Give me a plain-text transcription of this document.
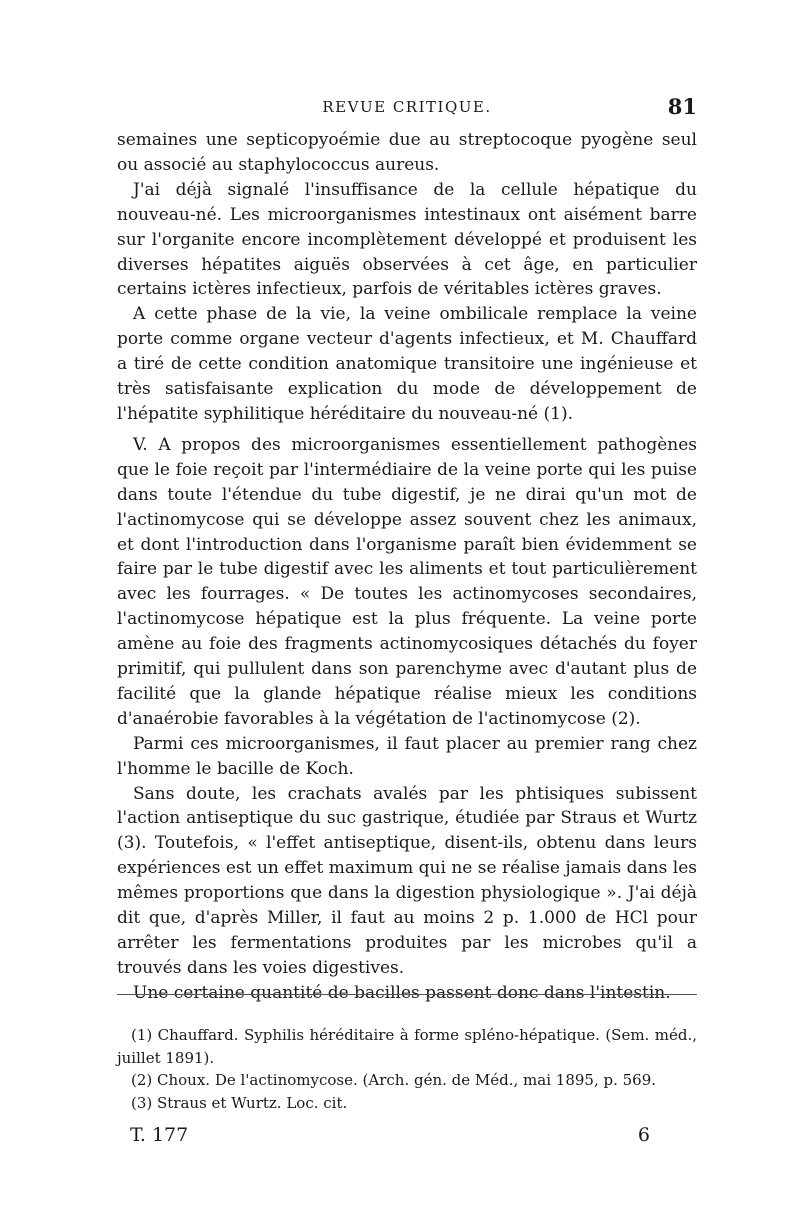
REVUE CRITIQUE.	81

semaines une septicopyoémie due au streptocoque pyogène seul ou associé au staphylococcus aureus.

J'ai déjà signalé l'insuffisance de la cellule hépatique du nouveau-né. Les microorganismes intestinaux ont aisément barre sur l'organite encore incomplètement développé et produisent les diverses hépatites aiguës observées à cet âge, en particulier certains ictères infectieux, parfois de véritables ictères graves.

A cette phase de la vie, la veine ombilicale remplace la veine porte comme organe vecteur d'agents infectieux, et M. Chauffard a tiré de cette condition anatomique transitoire une ingénieuse et très satisfaisante explication du mode de développement de l'hépatite syphilitique héréditaire du nouveau-né (1).

V. A propos des microorganismes essentiellement pathogènes que le foie reçoit par l'intermédiaire de la veine porte qui les puise dans toute l'étendue du tube digestif, je ne dirai qu'un mot de l'actinomycose qui se développe assez souvent chez les animaux, et dont l'introduction dans l'organisme paraît bien évidemment se faire par le tube digestif avec les aliments et tout particulièrement avec les fourrages. « De toutes les actinomycoses secondaires, l'actinomycose hépatique est la plus fréquente. La veine porte amène au foie des fragments actinomycosiques détachés du foyer primitif, qui pullulent dans son parenchyme avec d'autant plus de facilité que la glande hépatique réalise mieux les conditions d'anaérobie favorables à la végétation de l'actinomycose (2).

Parmi ces microorganismes, il faut placer au premier rang chez l'homme le bacille de Koch.

Sans doute, les crachats avalés par les phtisiques subissent l'action antiseptique du suc gastrique, étudiée par Straus et Wurtz (3). Toutefois, « l'effet antiseptique, disent-ils, obtenu dans leurs expériences est un effet maximum qui ne se réalise jamais dans les mêmes proportions que dans la digestion physiologique ». J'ai déjà dit que, d'après Miller, il faut au moins 2 p. 1.000 de HCl pour arrêter les fermentations produites par les microbes qu'il a trouvés dans les voies digestives.

Une certaine quantité de bacilles passent donc dans l'intestin.

(1) Chauffard. Syphilis héréditaire à forme spléno-hépatique. (Sem. méd., juillet 1891).

(2) Choux. De l'actinomycose. (Arch. gén. de Méd., mai 1895, p. 569.

(3) Straus et Wurtz. Loc. cit.

T. 177	6
